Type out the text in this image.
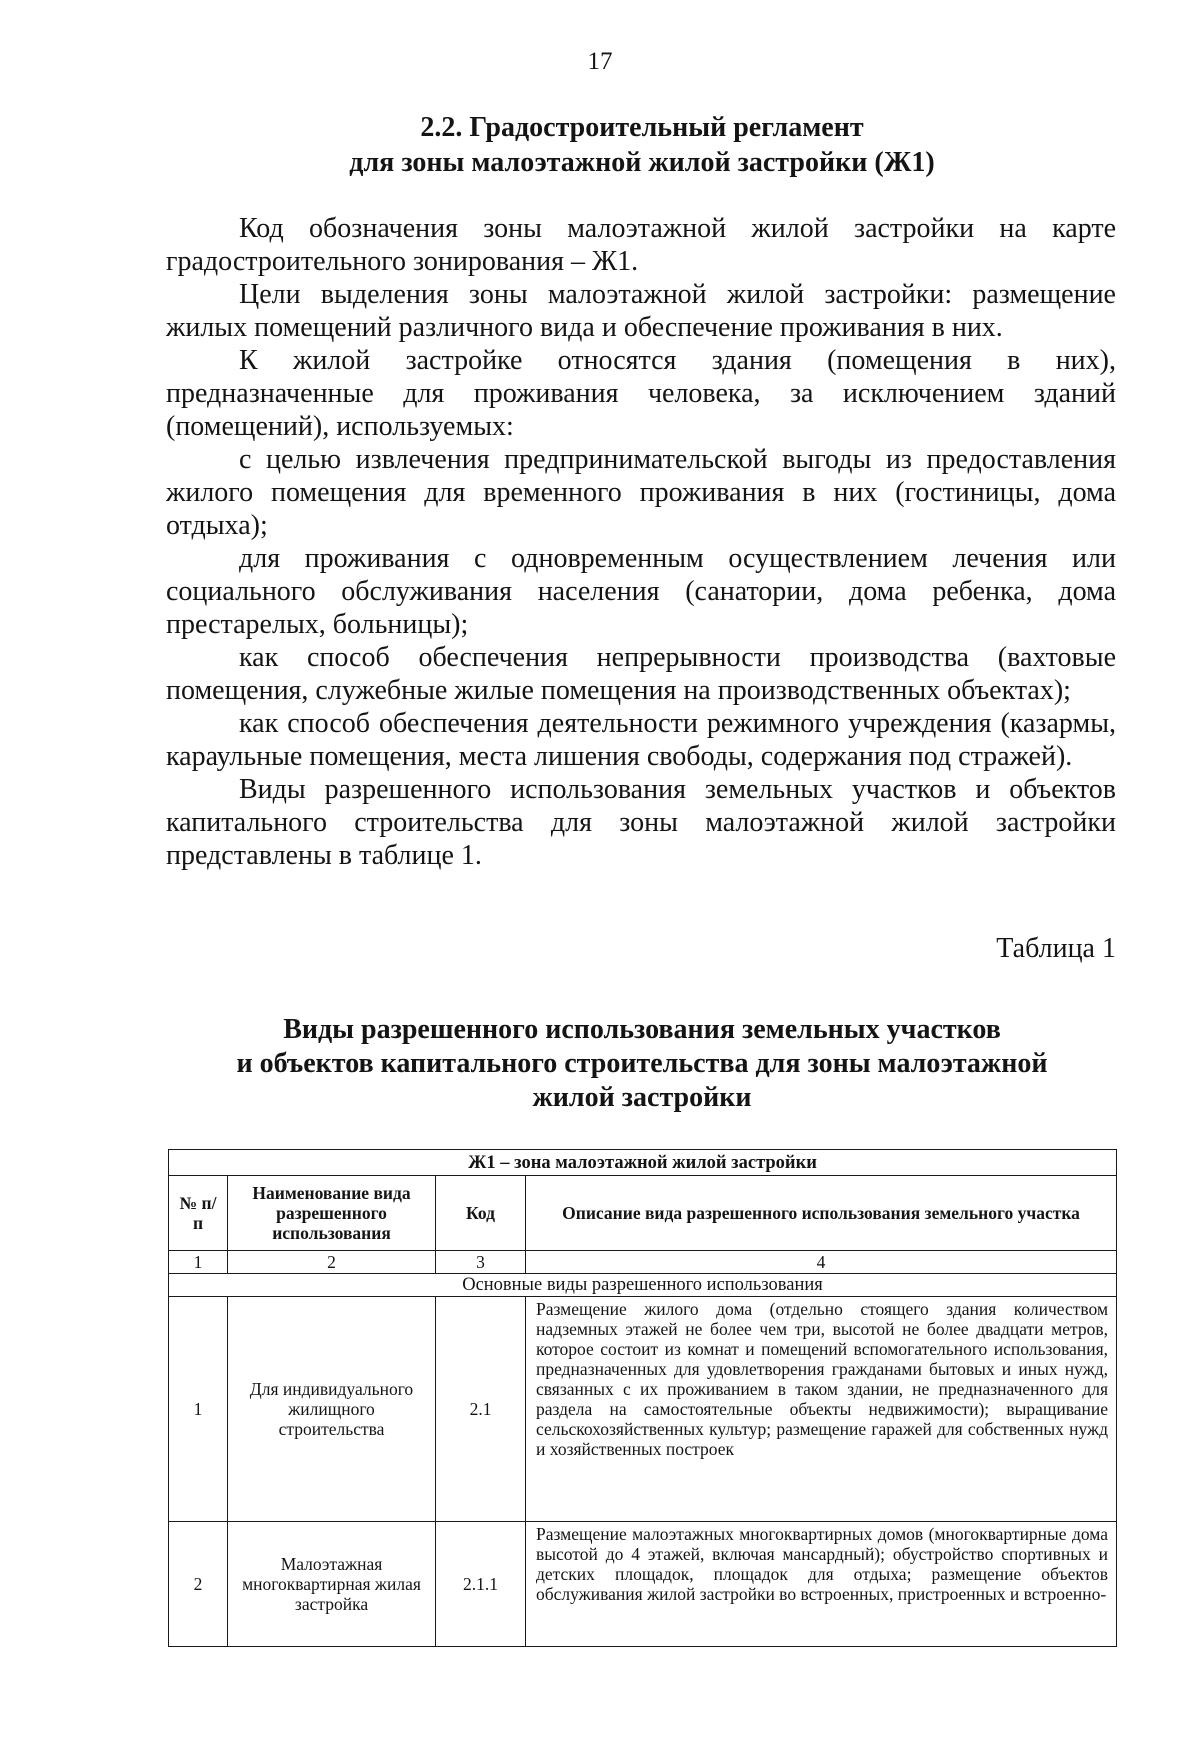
17
2.2. Градостроительный регламент
для зоны малоэтажной жилой застройки (Ж1)

Код обозначения зоны малоэтажной жилой застройки на карте градостроительного зонирования – Ж1.

Цели выделения зоны малоэтажной жилой застройки: размещение жилых помещений различного вида и обеспечение проживания в них.

К жилой застройке относятся здания (помещения в них), предназначенные для проживания человека, за исключением зданий (помещений), используемых:

с целью извлечения предпринимательской выгоды из предоставления жилого помещения для временного проживания в них (гостиницы, дома отдыха);

для проживания с одновременным осуществлением лечения или социального обслуживания населения (санатории, дома ребенка, дома престарелых, больницы);

как способ обеспечения непрерывности производства (вахтовые помещения, служебные жилые помещения на производственных объектах);

как способ обеспечения деятельности режимного учреждения (казармы, караульные помещения, места лишения свободы, содержания под стражей).

Виды разрешенного использования земельных участков и объектов капитального строительства для зоны малоэтажной жилой застройки представлены в таблице 1.

Таблица 1
Виды разрешенного использования земельных участков
и объектов капитального строительства для зоны малоэтажной
жилой застройки
Ж1 – зона малоэтажной жилой застройки			
№ п/п	Наименование вида разрешенного использования	Код	Описание вида разрешенного использования земельного участка
1	2	3	4
Основные виды разрешенного использования			
1	Для индивидуального жилищного строительства	2.1	Размещение жилого дома (отдельно стоящего здания количеством надземных этажей не более чем три, высотой не более двадцати метров, которое состоит из комнат и помещений вспомогательного использования, предназначенных для удовлетворения гражданами бытовых и иных нужд, связанных с их проживанием в таком здании, не предназначенного для раздела на самостоятельные объекты недвижимости); выращивание сельскохозяйственных культур; размещение гаражей для собственных нужд и хозяйственных построек
2	Малоэтажная многоквартирная жилая застройка	2.1.1	Размещение малоэтажных многоквартирных домов (многоквартирные дома высотой до 4 этажей, включая мансардный); обустройство спортивных и детских площадок, площадок для отдыха; размещение объектов обслуживания жилой застройки во встроенных, пристроенных и встроенно-
